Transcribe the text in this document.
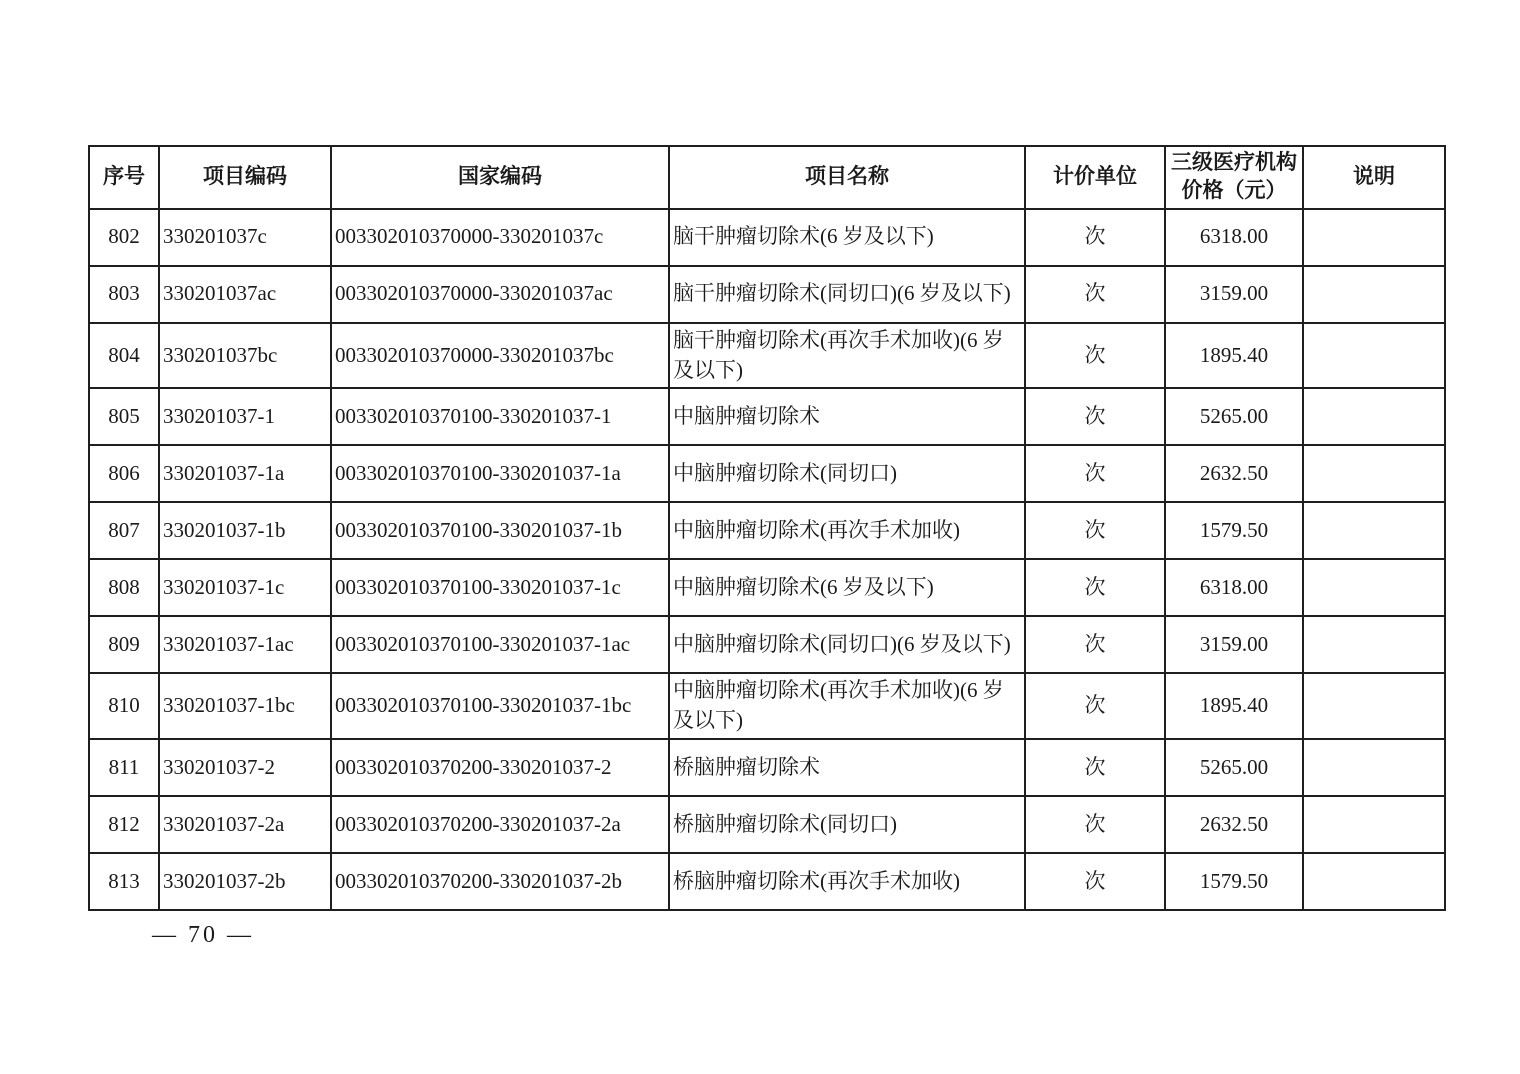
序号	项目编码	国家编码	项目名称	计价单位	三级医疗机构价格（元）	说明
802	330201037c	003302010370000-330201037c	脑干肿瘤切除术(6 岁及以下)	次	6318.00	
803	330201037ac	003302010370000-330201037ac	脑干肿瘤切除术(同切口)(6 岁及以下)	次	3159.00	
804	330201037bc	003302010370000-330201037bc	脑干肿瘤切除术(再次手术加收)(6 岁及以下)	次	1895.40	
805	330201037-1	003302010370100-330201037-1	中脑肿瘤切除术	次	5265.00	
806	330201037-1a	003302010370100-330201037-1a	中脑肿瘤切除术(同切口)	次	2632.50	
807	330201037-1b	003302010370100-330201037-1b	中脑肿瘤切除术(再次手术加收)	次	1579.50	
808	330201037-1c	003302010370100-330201037-1c	中脑肿瘤切除术(6 岁及以下)	次	6318.00	
809	330201037-1ac	003302010370100-330201037-1ac	中脑肿瘤切除术(同切口)(6 岁及以下)	次	3159.00	
810	330201037-1bc	003302010370100-330201037-1bc	中脑肿瘤切除术(再次手术加收)(6 岁及以下)	次	1895.40	
811	330201037-2	003302010370200-330201037-2	桥脑肿瘤切除术	次	5265.00	
812	330201037-2a	003302010370200-330201037-2a	桥脑肿瘤切除术(同切口)	次	2632.50	
813	330201037-2b	003302010370200-330201037-2b	桥脑肿瘤切除术(再次手术加收)	次	1579.50	
— 70 —
